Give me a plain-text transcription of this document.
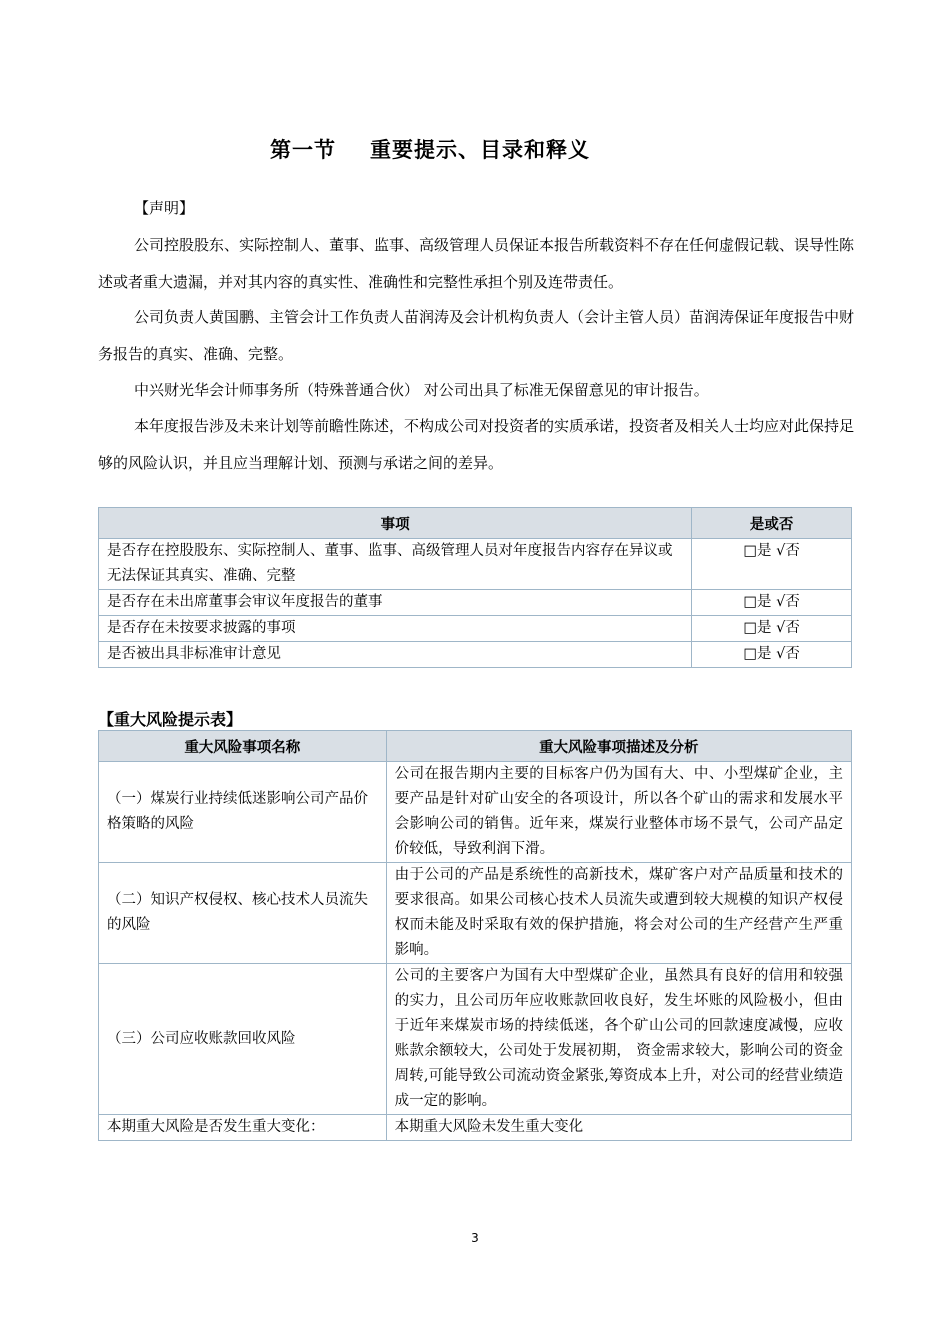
第一节 重要提示、目录和释义

【声明】

公司控股股东、实际控制人、董事、监事、高级管理人员保证本报告所载资料不存在任何虚假记载、误导性陈述或者重大遗漏，并对其内容的真实性、准确性和完整性承担个别及连带责任。

公司负责人黄国鹏、主管会计工作负责人苗润涛及会计机构负责人（会计主管人员）苗润涛保证年度报告中财务报告的真实、准确、完整。

中兴财光华会计师事务所（特殊普通合伙） 对公司出具了标准无保留意见的审计报告。

本年度报告涉及未来计划等前瞻性陈述，不构成公司对投资者的实质承诺，投资者及相关人士均应对此保持足够的风险认识，并且应当理解计划、预测与承诺之间的差异。

事项	是或否
是否存在控股股东、实际控制人、董事、监事、高级管理人员对年度报告内容存在异议或无法保证其真实、准确、完整	□是 √否
是否存在未出席董事会审议年度报告的董事	□是 √否
是否存在未按要求披露的事项	□是 √否
是否被出具非标准审计意见	□是 √否
【重大风险提示表】
重大风险事项名称	重大风险事项描述及分析
（一）煤炭行业持续低迷影响公司产品价格策略的风险	公司在报告期内主要的目标客户仍为国有大、中、小型煤矿企业，主要产品是针对矿山安全的各项设计，所以各个矿山的需求和发展水平会影响公司的销售。近年来，煤炭行业整体市场不景气，公司产品定价较低，导致利润下滑。
（二）知识产权侵权、核心技术人员流失的风险	由于公司的产品是系统性的高新技术，煤矿客户对产品质量和技术的要求很高。如果公司核心技术人员流失或遭到较大规模的知识产权侵权而未能及时采取有效的保护措施，将会对公司的生产经营产生严重影响。
（三）公司应收账款回收风险	公司的主要客户为国有大中型煤矿企业，虽然具有良好的信用和较强的实力，且公司历年应收账款回收良好，发生坏账的风险极小，但由于近年来煤炭市场的持续低迷，各个矿山公司的回款速度减慢，应收账款余额较大，公司处于发展初期， 资金需求较大，影响公司的资金周转,可能导致公司流动资金紧张,筹资成本上升，对公司的经营业绩造成一定的影响。
本期重大风险是否发生重大变化：	本期重大风险未发生重大变化
3
